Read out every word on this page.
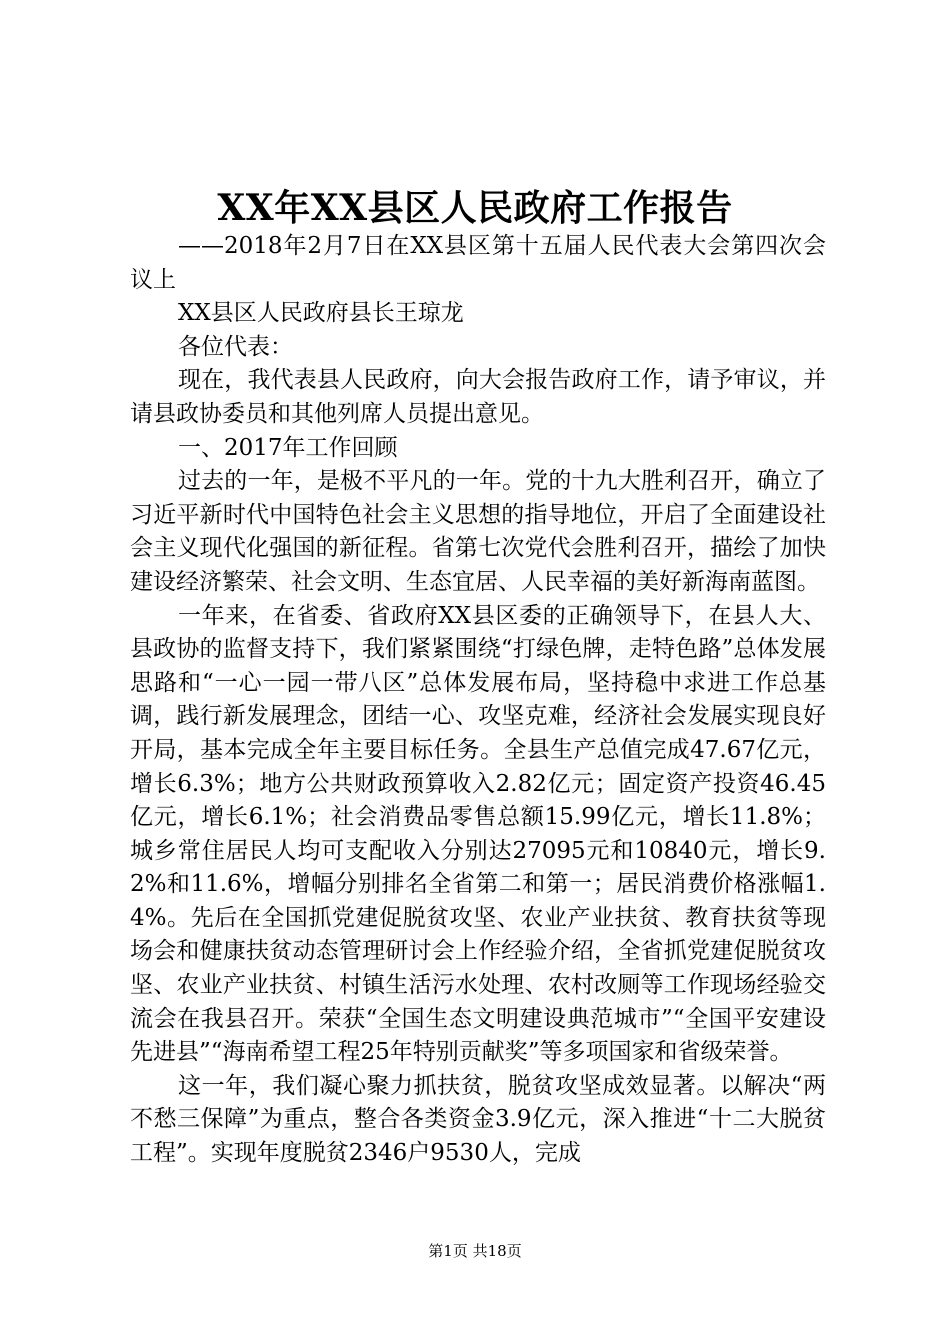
XX年XX县区人民政府工作报告

——2018年2月7日在XX县区第十五届人民代表大会第四次会议上

XX县区人民政府县长王琼龙

各位代表：

现在，我代表县人民政府，向大会报告政府工作，请予审议，并请县政协委员和其他列席人员提出意见。

一、2017年工作回顾

过去的一年，是极不平凡的一年。党的十九大胜利召开，确立了习近平新时代中国特色社会主义思想的指导地位，开启了全面建设社会主义现代化强国的新征程。省第七次党代会胜利召开，描绘了加快建设经济繁荣、社会文明、生态宜居、人民幸福的美好新海南蓝图。

一年来，在省委、省政府XX县区委的正确领导下，在县人大、县政协的监督支持下，我们紧紧围绕“打绿色牌，走特色路”总体发展思路和“一心一园一带八区”总体发展布局，坚持稳中求进工作总基调，践行新发展理念，团结一心、攻坚克难，经济社会发展实现良好开局，基本完成全年主要目标任务。全县生产总值完成47.67亿元，增长6.3%；地方公共财政预算收入2.82亿元；固定资产投资46.45亿元，增长6.1%；社会消费品零售总额15.99亿元，增长11.8%；城乡常住居民人均可支配收入分别达27095元和10840元，增长9.2%和11.6%，增幅分别排名全省第二和第一；居民消费价格涨幅1.4%。先后在全国抓党建促脱贫攻坚、农业产业扶贫、教育扶贫等现场会和健康扶贫动态管理研讨会上作经验介绍，全省抓党建促脱贫攻坚、农业产业扶贫、村镇生活污水处理、农村改厕等工作现场经验交流会在我县召开。荣获“全国生态文明建设典范城市”“全国平安建设先进县”“海南希望工程25年特别贡献奖”等多项国家和省级荣誉。

这一年，我们凝心聚力抓扶贫，脱贫攻坚成效显著。以解决“两不愁三保障”为重点，整合各类资金3.9亿元，深入推进“十二大脱贫工程”。实现年度脱贫2346户9530人，完成

第1页 共18页
